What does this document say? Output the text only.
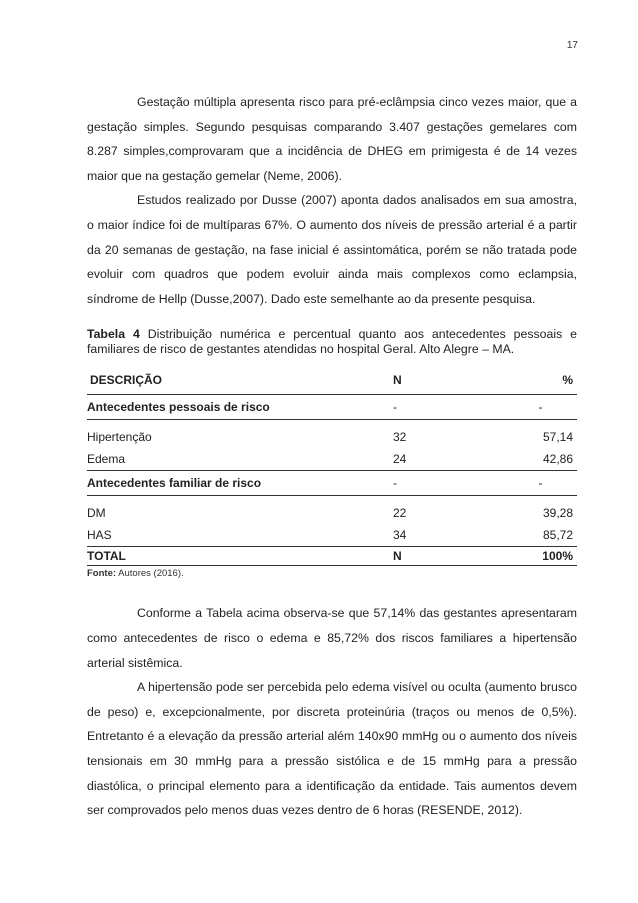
17

Gestação múltipla apresenta risco para pré-eclâmpsia cinco vezes maior, que a gestação simples. Segundo pesquisas comparando 3.407 gestações gemelares com 8.287 simples,comprovaram que a incidência de DHEG em primigesta é de 14 vezes maior que na gestação gemelar (Neme, 2006).

Estudos realizado por Dusse (2007) aponta dados analisados em sua amostra, o maior índice foi de multíparas 67%. O aumento dos níveis de pressão arterial é a partir da 20 semanas de gestação, na fase inicial é assintomática, porém se não tratada pode evoluir com quadros que podem evoluir ainda mais complexos como eclampsia, síndrome de Hellp (Dusse,2007). Dado este semelhante ao da presente pesquisa.

Tabela 4 Distribuição numérica e percentual quanto aos antecedentes pessoais e familiares de risco de gestantes atendidas no hospital Geral. Alto Alegre – MA.
DESCRIÇÃO	N	%
Antecedentes pessoais de risco	-	-
Hipertenção	32	57,14
Edema	24	42,86
Antecedentes familiar de risco	-	-
DM	22	39,28
HAS	34	85,72
TOTAL	N	100%
Fonte: Autores (2016).

Conforme a Tabela acima observa-se que 57,14% das gestantes apresentaram como antecedentes de risco o edema e 85,72% dos riscos familiares a hipertensão arterial sistêmica.

A hipertensão pode ser percebida pelo edema visível ou oculta (aumento brusco de peso) e, excepcionalmente, por discreta proteinúria (traços ou menos de 0,5%). Entretanto é a elevação da pressão arterial além 140x90 mmHg ou o aumento dos níveis tensionais em 30 mmHg para a pressão sistólica e de 15 mmHg para a pressão diastólica, o principal elemento para a identificação da entidade. Tais aumentos devem ser comprovados pelo menos duas vezes dentro de 6 horas (RESENDE, 2012).
